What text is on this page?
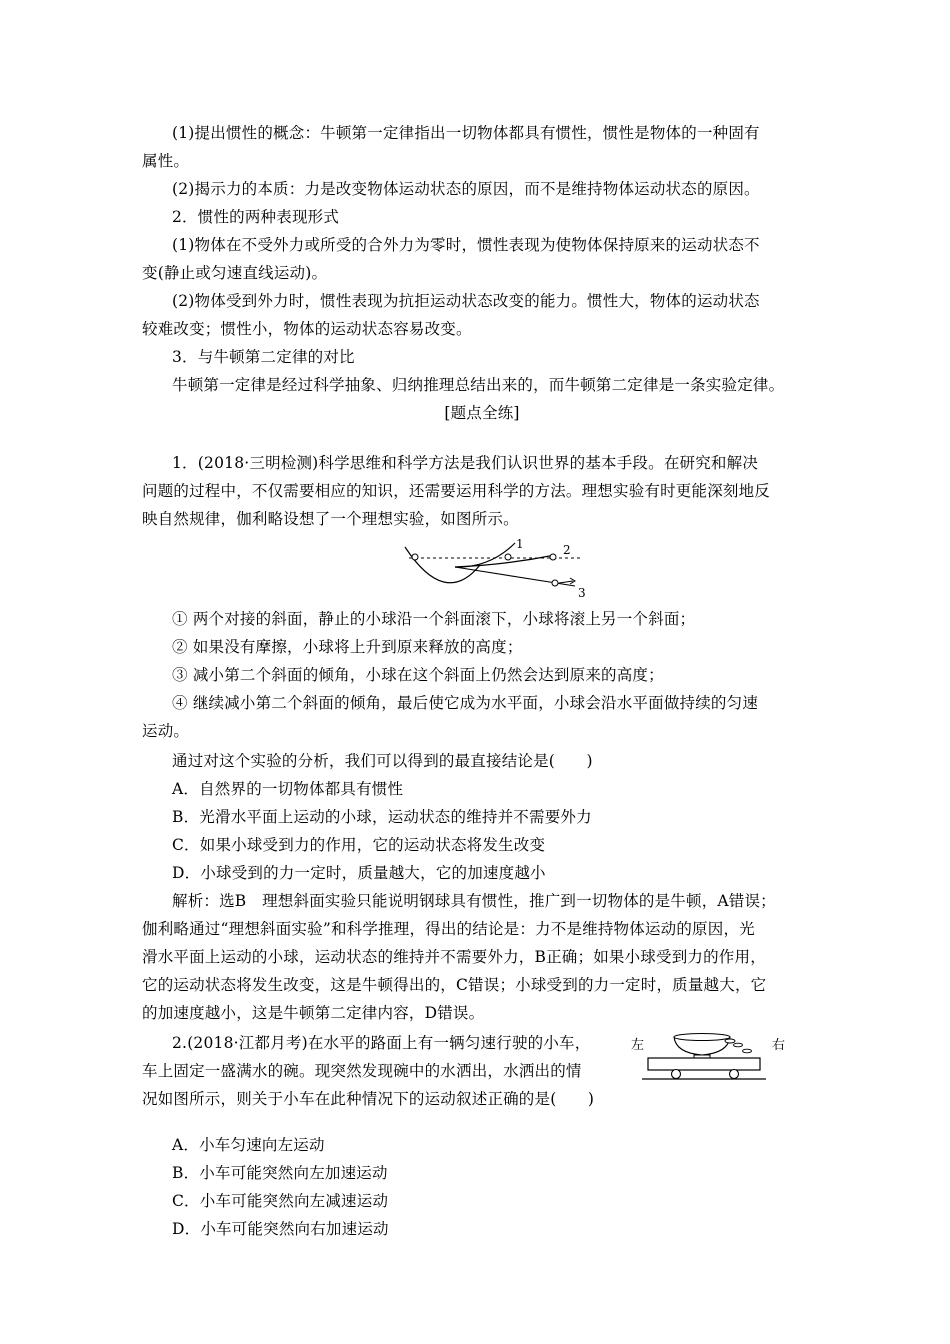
(1)提出惯性的概念：牛顿第一定律指出一切物体都具有惯性，惯性是物体的一种固有
属性。
(2)揭示力的本质：力是改变物体运动状态的原因，而不是维持物体运动状态的原因。
2．惯性的两种表现形式
(1)物体在不受外力或所受的合外力为零时，惯性表现为使物体保持原来的运动状态不
变(静止或匀速直线运动)。
(2)物体受到外力时，惯性表现为抗拒运动状态改变的能力。惯性大，物体的运动状态
较难改变；惯性小，物体的运动状态容易改变。
3．与牛顿第二定律的对比
牛顿第一定律是经过科学抽象、归纳推理总结出来的，而牛顿第二定律是一条实验定律。
[题点全练]
1．(2018·三明检测)科学思维和科学方法是我们认识世界的基本手段。在研究和解决
问题的过程中，不仅需要相应的知识，还需要运用科学的方法。理想实验有时更能深刻地反
映自然规律，伽利略设想了一个理想实验，如图所示。
1	2
3
① 两个对接的斜面，静止的小球沿一个斜面滚下，小球将滚上另一个斜面；
② 如果没有摩擦，小球将上升到原来释放的高度；
③ 减小第二个斜面的倾角，小球在这个斜面上仍然会达到原来的高度；
④ 继续减小第二个斜面的倾角，最后使它成为水平面，小球会沿水平面做持续的匀速
运动。
通过对这个实验的分析，我们可以得到的最直接结论是(　　)
A．自然界的一切物体都具有惯性
B．光滑水平面上运动的小球，运动状态的维持并不需要外力
C．如果小球受到力的作用，它的运动状态将发生改变
D．小球受到的力一定时，质量越大，它的加速度越小
解析：选B　理想斜面实验只能说明钢球具有惯性，推广到一切物体的是牛顿，A错误；
伽利略通过“理想斜面实验”和科学推理，得出的结论是：力不是维持物体运动的原因，光
滑水平面上运动的小球，运动状态的维持并不需要外力，B正确；如果小球受到力的作用，
它的运动状态将发生改变，这是牛顿得出的，C错误；小球受到的力一定时，质量越大，它
的加速度越小，这是牛顿第二定律内容，D错误。
2.(2018·江都月考)在水平的路面上有一辆匀速行驶的小车，
车上固定一盛满水的碗。现突然发现碗中的水洒出，水洒出的情
况如图所示，则关于小车在此种情况下的运动叙述正确的是(　　)
左	右
A．小车匀速向左运动
B．小车可能突然向左加速运动
C．小车可能突然向左减速运动
D．小车可能突然向右加速运动
